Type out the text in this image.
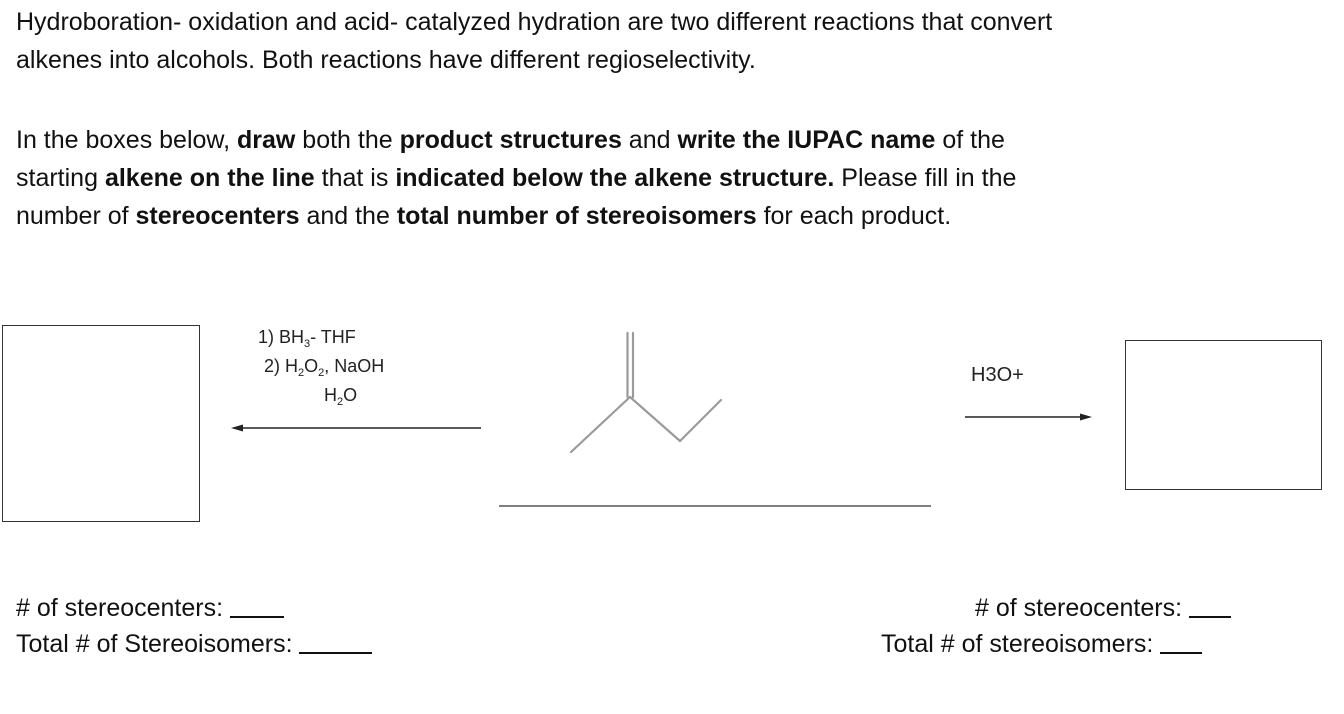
Hydroboration- oxidation and acid- catalyzed hydration are two different reactions that convert
alkenes into alcohols. Both reactions have different regioselectivity.

In the boxes below, draw both the product structures and write the IUPAC name of the
starting alkene on the line that is indicated below the alkene structure. Please fill in the
number of stereocenters and the total number of stereoisomers for each product.

1) $BH_3-$ THF
2) $H_2O_2$, NaOH
$H_2O$
H3O+
# of stereocenters:
Total # of Stereoisomers:
# of stereocenters:
Total # of stereoisomers:
